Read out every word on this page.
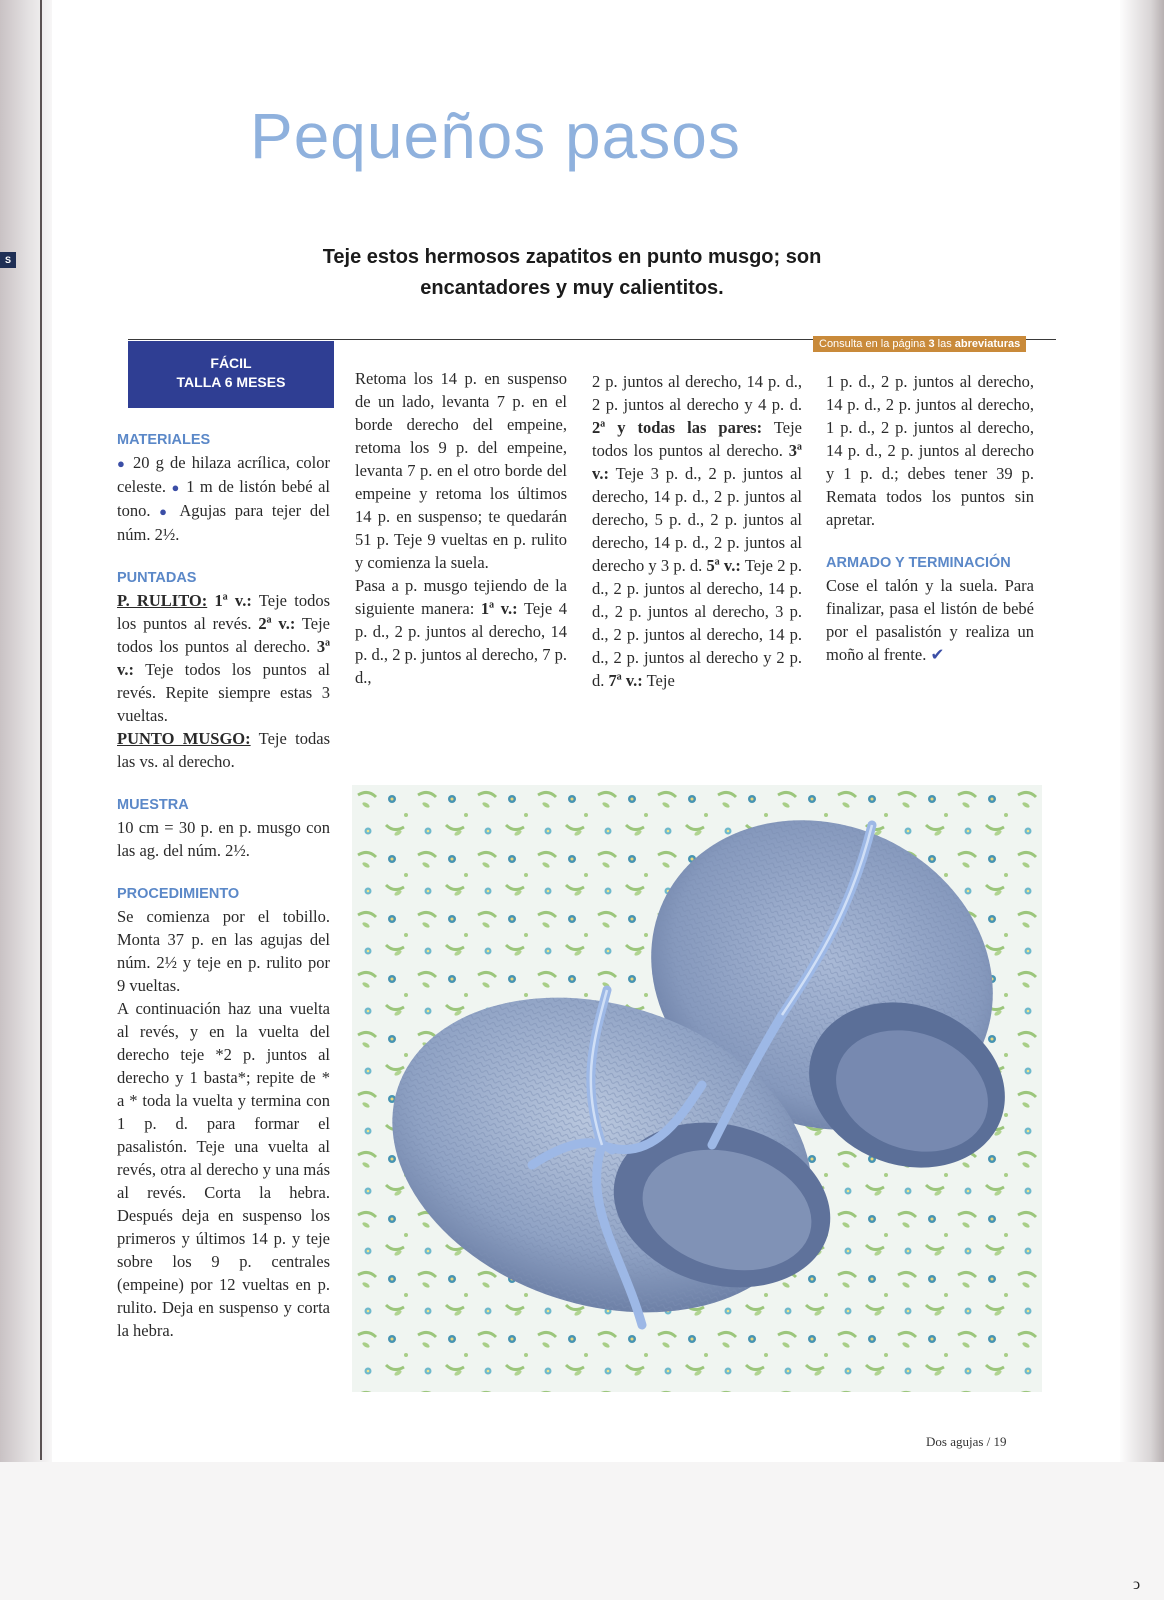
S
Pequeños pasos
Teje estos hermosos zapatitos en punto musgo; son encantadores y muy calientitos.
Consulta en la página 3 las abreviaturas
FÁCIL
TALLA 6 MESES
MATERIALES

● 20 g de hilaza acrílica, color celeste. ● 1 m de listón bebé al tono. ● Agujas para tejer del núm. 2½.

PUNTADAS

P. RULITO: 1ª v.: Teje todos los puntos al revés. 2ª v.: Teje todos los puntos al derecho. 3ª v.: Teje todos los puntos al revés. Repite siempre estas 3 vueltas.

PUNTO MUSGO: Teje todas las vs. al derecho.

MUESTRA

10 cm = 30 p. en p. musgo con las ag. del núm. 2½.

PROCEDIMIENTO

Se comienza por el tobillo. Monta 37 p. en las agujas del núm. 2½ y teje en p. rulito por 9 vueltas.

A continuación haz una vuelta al revés, y en la vuelta del derecho teje *2 p. juntos al derecho y 1 basta*; repite de * a * toda la vuelta y termina con 1 p. d. para formar el pasalistón. Teje una vuelta al revés, otra al derecho y una más al revés. Corta la hebra. Después deja en suspenso los primeros y últimos 14 p. y teje sobre los 9 p. centrales (empeine) por 12 vueltas en p. rulito. Deja en suspenso y corta la hebra.

Retoma los 14 p. en suspenso de un lado, levanta 7 p. en el borde derecho del empeine, retoma los 9 p. del empeine, levanta 7 p. en el otro borde del empeine y retoma los últimos 14 p. en suspenso; te quedarán 51 p. Teje 9 vueltas en p. rulito y comienza la suela.

Pasa a p. musgo tejiendo de la siguiente manera: 1ª v.: Teje 4 p. d., 2 p. juntos al derecho, 14 p. d., 2 p. juntos al derecho, 7 p. d.,

2 p. juntos al derecho, 14 p. d., 2 p. juntos al derecho y 4 p. d. 2ª y todas las pares: Teje todos los puntos al derecho. 3ª v.: Teje 3 p. d., 2 p. juntos al derecho, 14 p. d., 2 p. juntos al derecho, 5 p. d., 2 p. juntos al derecho, 14 p. d., 2 p. juntos al derecho y 3 p. d. 5ª v.: Teje 2 p. d., 2 p. juntos al derecho, 14 p. d., 2 p. juntos al derecho, 3 p. d., 2 p. juntos al derecho, 14 p. d., 2 p. juntos al derecho y 2 p. d. 7ª v.: Teje

1 p. d., 2 p. juntos al derecho, 14 p. d., 2 p. juntos al derecho, 1 p. d., 2 p. juntos al derecho, 14 p. d., 2 p. juntos al derecho y 1 p. d.; debes tener 39 p. Remata todos los puntos sin apretar.

ARMADO Y TERMINACIÓN

Cose el talón y la suela. Para finalizar, pasa el listón de bebé por el pasalistón y realiza un moño al frente. ✔

Dos agujas / 19
ↄ
